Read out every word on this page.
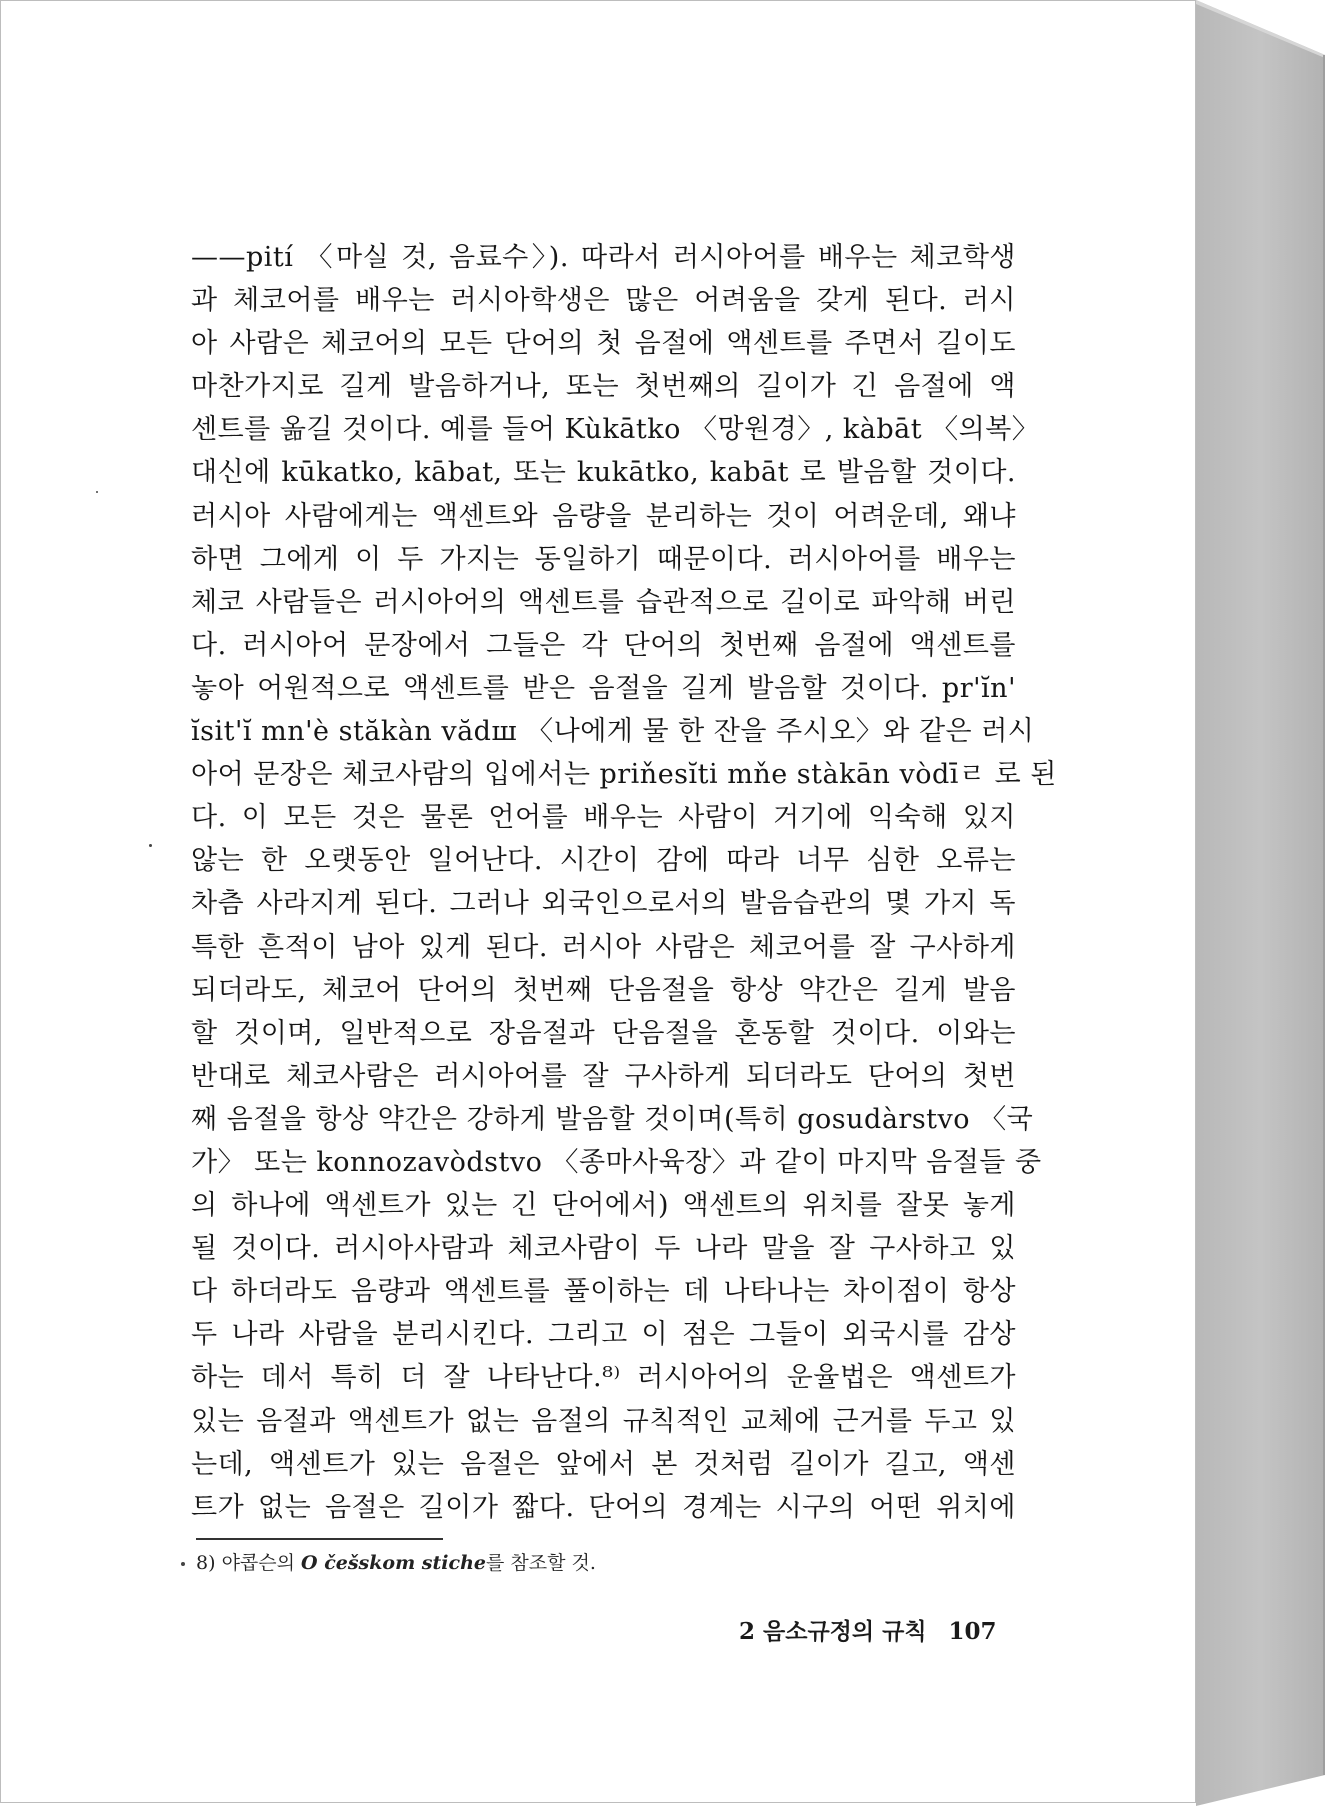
——pití 〈마실 것, 음료수〉). 따라서 러시아어를 배우는 체코학생
과 체코어를 배우는 러시아학생은 많은 어려움을 갖게 된다. 러시
아 사람은 체코어의 모든 단어의 첫 음절에 액센트를 주면서 길이도
마찬가지로 길게 발음하거나, 또는 첫번째의 길이가 긴 음절에 액
센트를 옮길 것이다. 예를 들어 Kùkātko 〈망원경〉, kàbāt 〈의복〉
대신에 kūkatko, kābat, 또는 kukātko, kabāt 로 발음할 것이다.
러시아 사람에게는 액센트와 음량을 분리하는 것이 어려운데, 왜냐
하면 그에게 이 두 가지는 동일하기 때문이다. 러시아어를 배우는
체코 사람들은 러시아어의 액센트를 습관적으로 길이로 파악해 버린
다. 러시아어 문장에서 그들은 각 단어의 첫번째 음절에 액센트를
놓아 어원적으로 액센트를 받은 음절을 길게 발음할 것이다. pr'ĭn'
ĭsit'ĭ mn'è stăkàn vădш 〈나에게 물 한 잔을 주시오〉와 같은 러시
아어 문장은 체코사람의 입에서는 priňesĭti mňe stàkān vòdīㄹ 로 된
다. 이 모든 것은 물론 언어를 배우는 사람이 거기에 익숙해 있지
않는 한 오랫동안 일어난다. 시간이 감에 따라 너무 심한 오류는
차츰 사라지게 된다. 그러나 외국인으로서의 발음습관의 몇 가지 독
특한 흔적이 남아 있게 된다. 러시아 사람은 체코어를 잘 구사하게
되더라도, 체코어 단어의 첫번째 단음절을 항상 약간은 길게 발음
할 것이며, 일반적으로 장음절과 단음절을 혼동할 것이다. 이와는
반대로 체코사람은 러시아어를 잘 구사하게 되더라도 단어의 첫번
째 음절을 항상 약간은 강하게 발음할 것이며(특히 gosudàrstvo 〈국
가〉 또는 konnozavòdstvo 〈종마사육장〉과 같이 마지막 음절들 중
의 하나에 액센트가 있는 긴 단어에서) 액센트의 위치를 잘못 놓게
될 것이다. 러시아사람과 체코사람이 두 나라 말을 잘 구사하고 있
다 하더라도 음량과 액센트를 풀이하는 데 나타나는 차이점이 항상
두 나라 사람을 분리시킨다. 그리고 이 점은 그들이 외국시를 감상
하는 데서 특히 더 잘 나타난다.⁸⁾ 러시아어의 운율법은 액센트가
있는 음절과 액센트가 없는 음절의 규칙적인 교체에 근거를 두고 있
는데, 액센트가 있는 음절은 앞에서 본 것처럼 길이가 길고, 액센
트가 없는 음절은 길이가 짧다. 단어의 경계는 시구의 어떤 위치에
8) 야콥슨의 O češskom stiche를 참조할 것.
2 음소규정의 규칙 107
